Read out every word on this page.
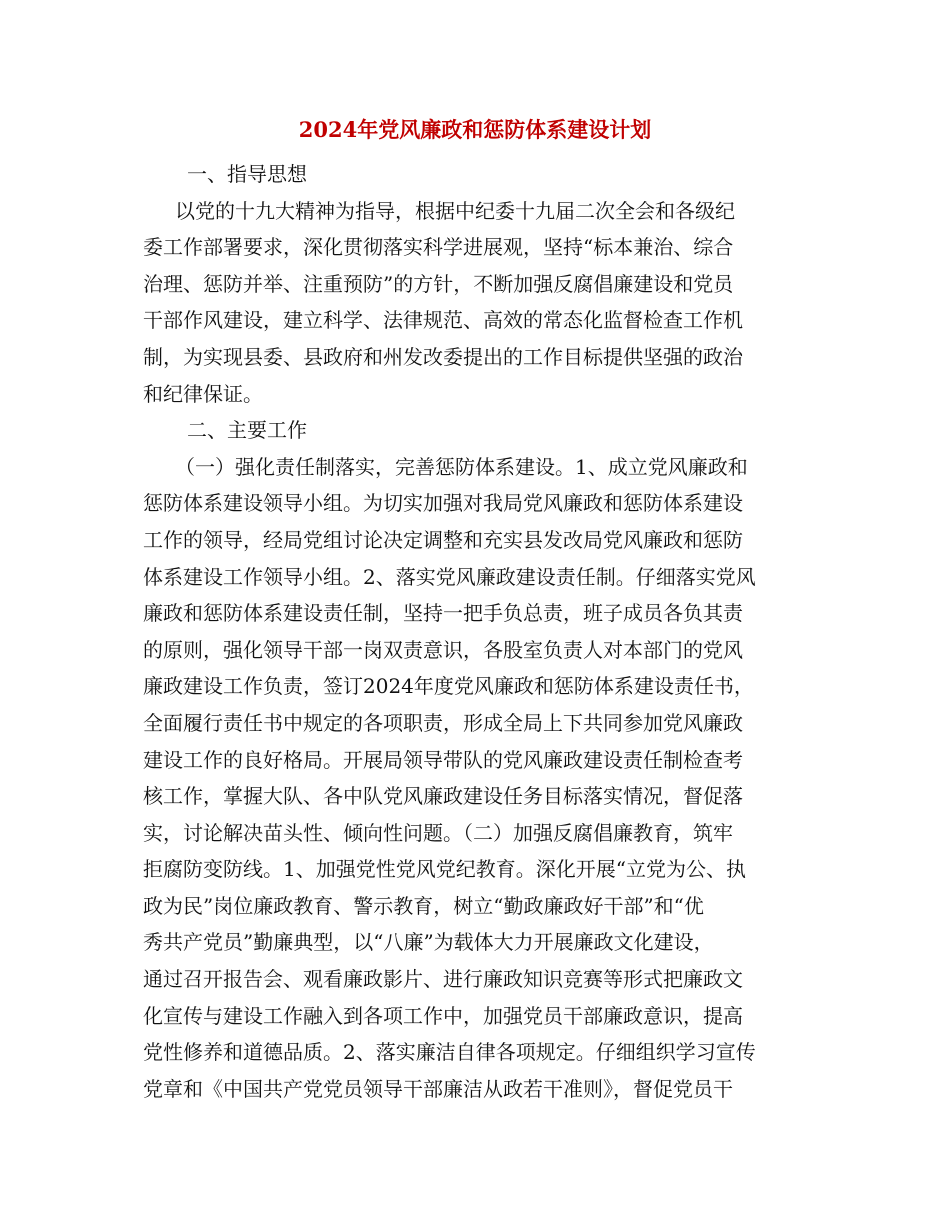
2024年党风廉政和惩防体系建设计划
一、指导思想
以党的十九大精神为指导，根据中纪委十九届二次全会和各级纪
委工作部署要求，深化贯彻落实科学进展观，坚持“标本兼治、综合
治理、惩防并举、注重预防”的方针，不断加强反腐倡廉建设和党员
干部作风建设，建立科学、法律规范、高效的常态化监督检查工作机
制，为实现县委、县政府和州发改委提出的工作目标提供坚强的政治
和纪律保证。
二、主要工作
（一）强化责任制落实，完善惩防体系建设。1、成立党风廉政和
惩防体系建设领导小组。为切实加强对我局党风廉政和惩防体系建设
工作的领导，经局党组讨论决定调整和充实县发改局党风廉政和惩防
体系建设工作领导小组。2、落实党风廉政建设责任制。仔细落实党风
廉政和惩防体系建设责任制，坚持一把手负总责，班子成员各负其责
的原则，强化领导干部一岗双责意识，各股室负责人对本部门的党风
廉政建设工作负责，签订2024年度党风廉政和惩防体系建设责任书，
全面履行责任书中规定的各项职责，形成全局上下共同参加党风廉政
建设工作的良好格局。开展局领导带队的党风廉政建设责任制检查考
核工作，掌握大队、各中队党风廉政建设任务目标落实情况，督促落
实，讨论解决苗头性、倾向性问题。（二）加强反腐倡廉教育，筑牢
拒腐防变防线。1、加强党性党风党纪教育。深化开展“立党为公、执
政为民”岗位廉政教育、警示教育，树立“勤政廉政好干部”和“优
秀共产党员”勤廉典型，以“八廉”为载体大力开展廉政文化建设，
通过召开报告会、观看廉政影片、进行廉政知识竞赛等形式把廉政文
化宣传与建设工作融入到各项工作中，加强党员干部廉政意识，提高
党性修养和道德品质。2、落实廉洁自律各项规定。仔细组织学习宣传
党章和《中国共产党党员领导干部廉洁从政若干准则》，督促党员干
